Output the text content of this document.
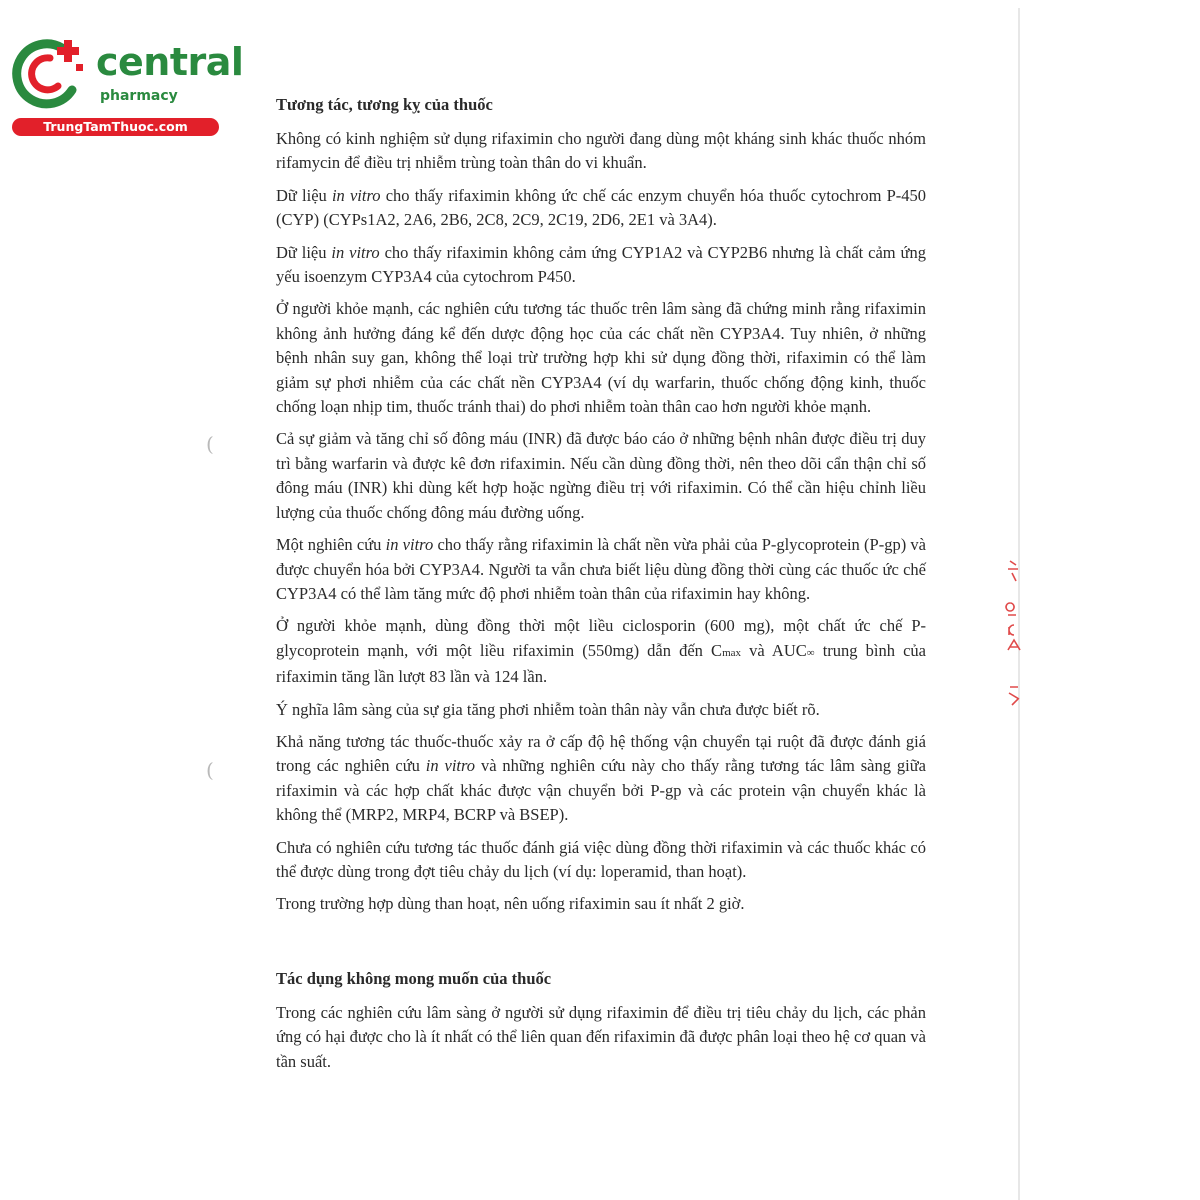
central
pharmacy
TrungTamThuoc.com
(
(
Tương tác, tương kỵ của thuốc

Không có kinh nghiệm sử dụng rifaximin cho người đang dùng một kháng sinh khác thuốc nhóm rifamycin để điều trị nhiễm trùng toàn thân do vi khuẩn.

Dữ liệu in vitro cho thấy rifaximin không ức chế các enzym chuyển hóa thuốc cytochrom P-450 (CYP) (CYPs1A2, 2A6, 2B6, 2C8, 2C9, 2C19, 2D6, 2E1 và 3A4).

Dữ liệu in vitro cho thấy rifaximin không cảm ứng CYP1A2 và CYP2B6 nhưng là chất cảm ứng yếu isoenzym CYP3A4 của cytochrom P450.

Ở người khỏe mạnh, các nghiên cứu tương tác thuốc trên lâm sàng đã chứng minh rằng rifaximin không ảnh hưởng đáng kể đến dược động học của các chất nền CYP3A4. Tuy nhiên, ở những bệnh nhân suy gan, không thể loại trừ trường hợp khi sử dụng đồng thời, rifaximin có thể làm giảm sự phơi nhiễm của các chất nền CYP3A4 (ví dụ warfarin, thuốc chống động kinh, thuốc chống loạn nhịp tim, thuốc tránh thai) do phơi nhiễm toàn thân cao hơn người khỏe mạnh.

Cả sự giảm và tăng chỉ số đông máu (INR) đã được báo cáo ở những bệnh nhân được điều trị duy trì bằng warfarin và được kê đơn rifaximin. Nếu cần dùng đồng thời, nên theo dõi cẩn thận chỉ số đông máu (INR) khi dùng kết hợp hoặc ngừng điều trị với rifaximin. Có thể cần hiệu chỉnh liều lượng của thuốc chống đông máu đường uống.

Một nghiên cứu in vitro cho thấy rằng rifaximin là chất nền vừa phải của P-glycoprotein (P-gp) và được chuyển hóa bởi CYP3A4. Người ta vẫn chưa biết liệu dùng đồng thời cùng các thuốc ức chế CYP3A4 có thể làm tăng mức độ phơi nhiễm toàn thân của rifaximin hay không.

Ở người khỏe mạnh, dùng đồng thời một liều ciclosporin (600 mg), một chất ức chế P-glycoprotein mạnh, với một liều rifaximin (550mg) dẫn đến Cmax và AUC∞ trung bình của rifaximin tăng lần lượt 83 lần và 124 lần.

Ý nghĩa lâm sàng của sự gia tăng phơi nhiễm toàn thân này vẫn chưa được biết rõ.

Khả năng tương tác thuốc-thuốc xảy ra ở cấp độ hệ thống vận chuyển tại ruột đã được đánh giá trong các nghiên cứu in vitro và những nghiên cứu này cho thấy rằng tương tác lâm sàng giữa rifaximin và các hợp chất khác được vận chuyển bởi P-gp và các protein vận chuyển khác là không thể (MRP2, MRP4, BCRP và BSEP).

Chưa có nghiên cứu tương tác thuốc đánh giá việc dùng đồng thời rifaximin và các thuốc khác có thể được dùng trong đợt tiêu chảy du lịch (ví dụ: loperamid, than hoạt).

Trong trường hợp dùng than hoạt, nên uống rifaximin sau ít nhất 2 giờ.

Tác dụng không mong muốn của thuốc

Trong các nghiên cứu lâm sàng ở người sử dụng rifaximin để điều trị tiêu chảy du lịch, các phản ứng có hại được cho là ít nhất có thể liên quan đến rifaximin đã được phân loại theo hệ cơ quan và tần suất.
